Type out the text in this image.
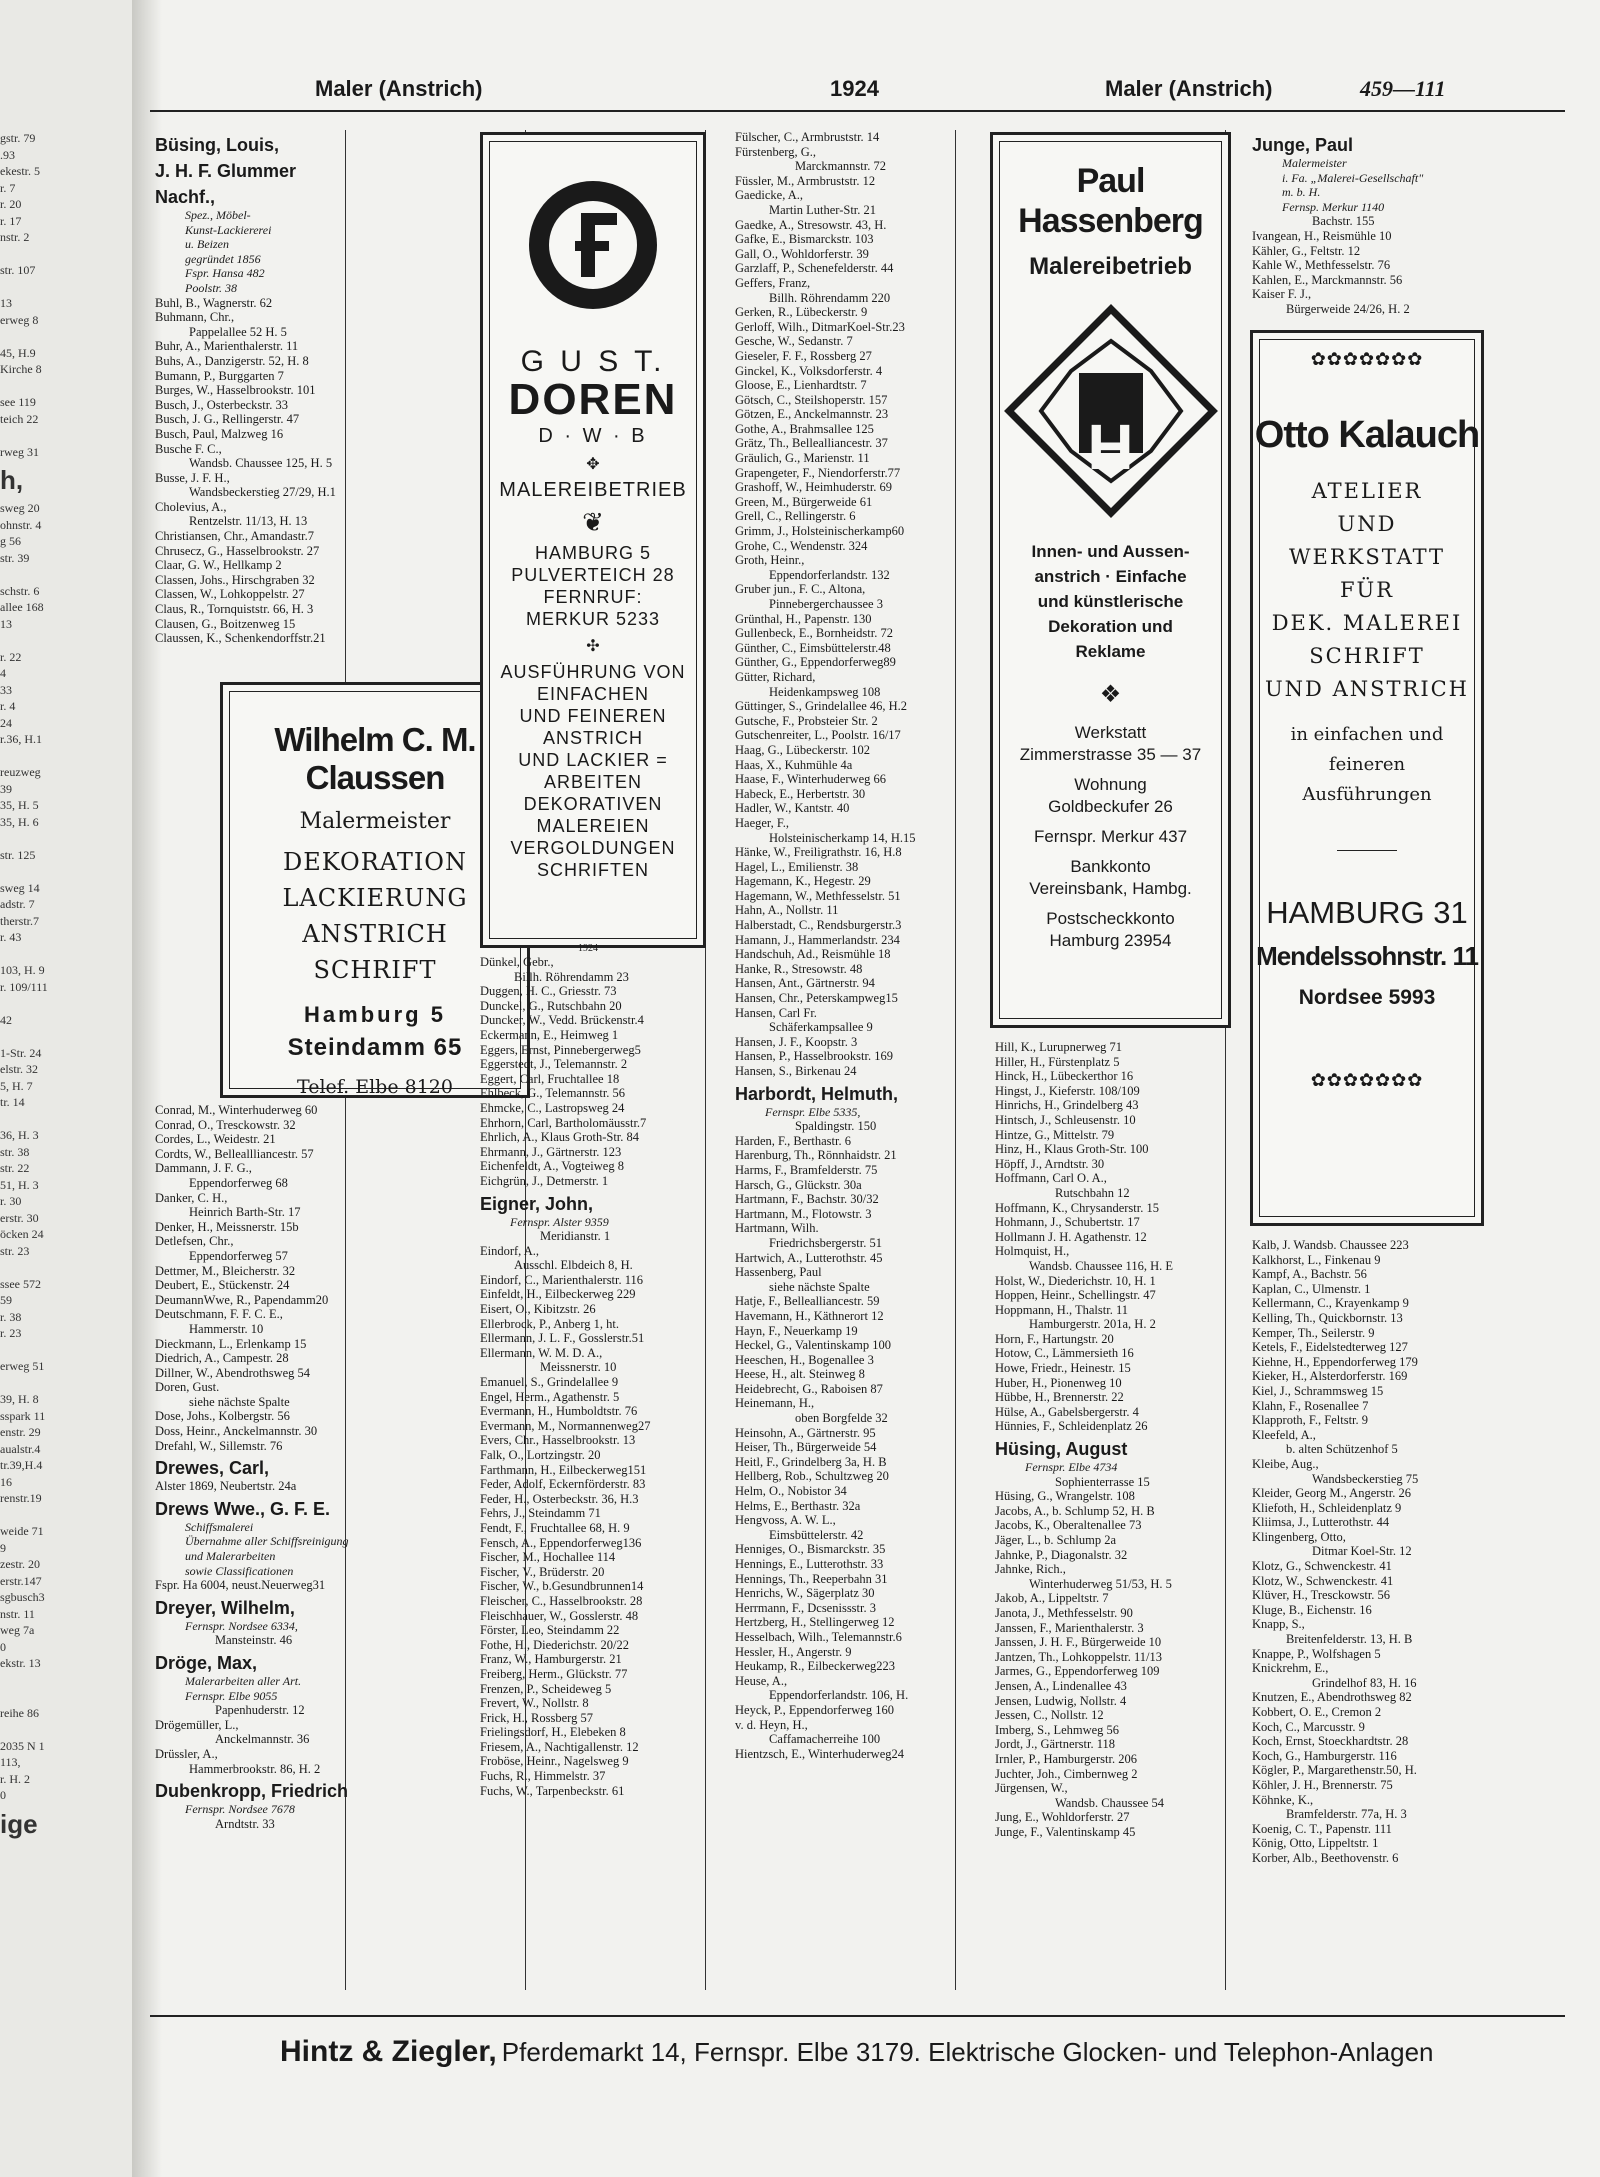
gstr. 79
.93
ekestr. 5
r. 7
r. 20
r. 17
nstr. 2

str. 107

13
erweg 8

45, H.9
Kirche 8

see 119
teich 22

rweg 31
h,
sweg 20
ohnstr. 4
g 56
str. 39

schstr. 6
allee 168
13

r. 22
4
33
r. 4
24
r.36, H.1

reuzweg
39
35, H. 5
35, H. 6

str. 125

sweg 14
adstr. 7
therstr.7
r. 43

103, H. 9
r. 109/111

42

1-Str. 24
elstr. 32
5, H. 7
tr. 14

36, H. 3
str. 38
str. 22
51, H. 3
r. 30
erstr. 30
öcken 24
str. 23

ssee 572
59
r. 38
r. 23

erweg 51

39, H. 8
sspark 11
enstr. 29
aualstr.4
tr.39,H.4
16
renstr.19

weide 71
9
zestr. 20
erstr.147
sgbusch3
nstr. 11
weg 7a
0
ekstr. 13

reihe 86

2035 N 1
113,
r. H. 2
0
ige
Maler (Anstrich)	1924	Maler (Anstrich)	459—111
Büsing, Louis,
J. H. F. Glummer
Nachf.,
Spez., Möbel-
Kunst-Lackiererei
u. Beizen
gegründet 1856
Fspr. Hansa 482
Poolstr. 38
Buhl, B., Wagnerstr. 62
Buhmann, Chr.,
Pappelallee 52 H. 5
Buhr, A., Marienthalerstr. 11
Buhs, A., Danzigerstr. 52, H. 8
Bumann, P., Burggarten 7
Burges, W., Hasselbrookstr. 101
Busch, J., Osterbeckstr. 33
Busch, J. G., Rellingerstr. 47
Busch, Paul, Malzweg 16
Busche F. C.,
Wandsb. Chaussee 125, H. 5
Busse, J. F. H.,
Wandsbeckerstieg 27/29, H.1
Cholevius, A.,
Rentzelstr. 11/13, H. 13
Christiansen, Chr., Amandastr.7
Chrusecz, G., Hasselbrookstr. 27
Claar, G. W., Hellkamp 2
Classen, Johs., Hirschgraben 32
Classen, W., Lohkoppelstr. 27
Claus, R., Tornquiststr. 66, H. 3
Clausen, G., Boitzenweg 15
Claussen, K., Schenkendorffstr.21
Wilhelm C. M. Claussen
Malermeister
DEKORATION
LACKIERUNG
ANSTRICH
SCHRIFT
Hamburg 5
Steindamm 65
Telef. Elbe 8120
Conrad, M., Winterhuderweg 60
Conrad, O., Tresckowstr. 32
Cordes, L., Weidestr. 21
Cordts, W., Belleallliancestr. 57
Dammann, J. F. G.,
Eppendorferweg 68
Danker, C. H.,
Heinrich Barth-Str. 17
Denker, H., Meissnerstr. 15b
Detlefsen, Chr.,
Eppendorferweg 57
Dettmer, M., Bleicherstr. 32
Deubert, E., Stückenstr. 24
DeumannWwe, R., Papendamm20
Deutschmann, F. F. C. E.,
Hammerstr. 10
Dieckmann, L., Erlenkamp 15
Diedrich, A., Campestr. 28
Dillner, W., Abendrothsweg 54
Doren, Gust.
siehe nächste Spalte
Dose, Johs., Kolbergstr. 56
Doss, Heinr., Anckelmannstr. 30
Drefahl, W., Sillemstr. 76
Drewes, Carl,
Alster 1869, Neubertstr. 24a
Drews Wwe., G. F. E.
Schiffsmalerei
Übernahme aller Schiffsreinigung
und Malerarbeiten
sowie Classificationen
Fspr. Ha 6004, neust.Neuerweg31
Dreyer, Wilhelm,
Fernspr. Nordsee 6334,
Mansteinstr. 46
Dröge, Max,
Malerarbeiten aller Art.
Fernspr. Elbe 9055
Papenhuderstr. 12
Drögemüller, L.,
Anckelmannstr. 36
Drüssler, A.,
Hammerbrookstr. 86, H. 2
Dubenkropp, Friedrich
Fernspr. Nordsee 7678
Arndtstr. 33
G U S T.
DOREN
D · W · B
✥
MALEREIBETRIEB
❦
HAMBURG 5
PULVERTEICH 28
FERNRUF:
MERKUR 5233
✣
AUSFÜHRUNG VON
EINFACHEN
UND FEINEREN
ANSTRICH
UND LACKIER =
ARBEITEN
DEKORATIVEN
MALEREIEN
VERGOLDUNGEN
SCHRIFTEN
1924
Dünkel, Gebr.,
Billh. Röhrendamm 23
Duggen, H. C., Griesstr. 73
Dunckel, G., Rutschbahn 20
Duncker, W., Vedd. Brückenstr.4
Eckermann, E., Heimweg 1
Eggers, Ernst, Pinnebergerweg5
Eggerstedt, J., Telemannstr. 2
Eggert, Carl, Fruchtallee 18
Ehlbeck, G., Telemannstr. 56
Ehmcke, C., Lastropsweg 24
Ehrhorn, Carl, Bartholomäusstr.7
Ehrlich, A., Klaus Groth-Str. 84
Ehrmann, J., Gärtnerstr. 123
Eichenfeldt, A., Vogteiweg 8
Eichgrün, J., Detmerstr. 1
Eigner, John,
Fernspr. Alster 9359
Meridianstr. 1
Eindorf, A.,
Ausschl. Elbdeich 8, H.
Eindorf, C., Marienthalerstr. 116
Einfeldt, H., Eilbeckerweg 229
Eisert, O., Kibitzstr. 26
Ellerbrock, P., Anberg 1, ht.
Ellermann, J. L. F., Gosslerstr.51
Ellermann, W. M. D. A.,
Meissnerstr. 10
Emanuel, S., Grindelallee 9
Engel, Herm., Agathenstr. 5
Evermann, H., Humboldtstr. 76
Evermann, M., Normannenweg27
Evers, Chr., Hasselbrookstr. 13
Falk, O., Lortzingstr. 20
Farthmann, H., Eilbeckerweg151
Feder, Adolf, Eckernförderstr. 83
Feder, H., Osterbeckstr. 36, H.3
Fehrs, J., Steindamm 71
Fendt, F., Fruchtallee 68, H. 9
Fensch, A., Eppendorferweg136
Fischer, M., Hochallee 114
Fischer, V., Brüderstr. 20
Fischer, W., b.Gesundbrunnen14
Fleischer, C., Hasselbrookstr. 28
Fleischhauer, W., Gosslerstr. 48
Förster, Leo, Steindamm 22
Fothe, H., Diederichstr. 20/22
Franz, W., Hamburgerstr. 21
Freiberg, Herm., Glückstr. 77
Frenzen, P., Scheideweg 5
Frevert, W., Nollstr. 8
Frick, H., Rossberg 57
Frielingsdorf, H., Elebeken 8
Friesem, A., Nachtigallenstr. 12
Froböse, Heinr., Nagelsweg 9
Fuchs, R., Himmelstr. 37
Fuchs, W., Tarpenbeckstr. 61
Fülscher, C., Armbruststr. 14
Fürstenberg, G.,
Marckmannstr. 72
Füssler, M., Armbruststr. 12
Gaedicke, A.,
Martin Luther-Str. 21
Gaedke, A., Stresowstr. 43, H.
Gafke, E., Bismarckstr. 103
Gall, O., Wohldorferstr. 39
Garzlaff, P., Schenefelderstr. 44
Geffers, Franz,
Billh. Röhrendamm 220
Gerken, R., Lübeckerstr. 9
Gerloff, Wilh., DitmarKoel-Str.23
Gesche, W., Sedanstr. 7
Gieseler, F. F., Rossberg 27
Ginckel, K., Volksdorferstr. 4
Gloose, E., Lienhardtstr. 7
Götsch, C., Steilshoperstr. 157
Götzen, E., Anckelmannstr. 23
Gothe, A., Brahmsallee 125
Grätz, Th., Bellealliancestr. 37
Gräulich, G., Marienstr. 11
Grapengeter, F., Niendorferstr.77
Grashoff, W., Heimhuderstr. 69
Green, M., Bürgerweide 61
Grell, C., Rellingerstr. 6
Grimm, J., Holsteinischerkamp60
Grohe, C., Wendenstr. 324
Groth, Heinr.,
Eppendorferlandstr. 132
Gruber jun., F. C., Altona,
Pinnebergerchaussee 3
Grünthal, H., Papenstr. 130
Gullenbeck, E., Bornheidstr. 72
Günther, C., Eimsbüttelerstr.48
Günther, G., Eppendorferweg89
Gütter, Richard,
Heidenkampsweg 108
Güttinger, S., Grindelallee 46, H.2
Gutsche, F., Probsteier Str. 2
Gutschenreiter, L., Poolstr. 16/17
Haag, G., Lübeckerstr. 102
Haas, X., Kuhmühle 4a
Haase, F., Winterhuderweg 66
Habeck, E., Herbertstr. 30
Hadler, W., Kantstr. 40
Haeger, F.,
Holsteinischerkamp 14, H.15
Hänke, W., Freiligrathstr. 16, H.8
Hagel, L., Emilienstr. 38
Hagemann, K., Hegestr. 29
Hagemann, W., Methfesselstr. 51
Hahn, A., Nollstr. 11
Halberstadt, C., Rendsburgerstr.3
Hamann, J., Hammerlandstr. 234
Handschuh, Ad., Reismühle 18
Hanke, R., Stresowstr. 48
Hansen, Ant., Gärtnerstr. 94
Hansen, Chr., Peterskampweg15
Hansen, Carl Fr.
Schäferkampsallee 9
Hansen, J. F., Koopstr. 3
Hansen, P., Hasselbrookstr. 169
Hansen, S., Birkenau 24
Harbordt, Helmuth,
Fernspr. Elbe 5335,
Spaldingstr. 150
Harden, F., Berthastr. 6
Harenburg, Th., Rönnhaidstr. 21
Harms, F., Bramfelderstr. 75
Harsch, G., Glückstr. 30a
Hartmann, F., Bachstr. 30/32
Hartmann, M., Flotowstr. 3
Hartmann, Wilh.
Friedrichsbergerstr. 51
Hartwich, A., Lutterothstr. 45
Hassenberg, Paul
siehe nächste Spalte
Hatje, F., Bellealliancestr. 59
Havemann, H., Käthnerort 12
Hayn, F., Neuerkamp 19
Heckel, G., Valentinskamp 100
Heeschen, H., Bogenallee 3
Heese, H., alt. Steinweg 8
Heidebrecht, G., Raboisen 87
Heinemann, H.,
oben Borgfelde 32
Heinsohn, A., Gärtnerstr. 95
Heiser, Th., Bürgerweide 54
Heitl, F., Grindelberg 3a, H. B
Hellberg, Rob., Schultzweg 20
Helm, O., Nobistor 34
Helms, E., Berthastr. 32a
Hengvoss, A. W. L.,
Eimsbüttelerstr. 42
Henniges, O., Bismarckstr. 35
Hennings, E., Lutterothstr. 33
Hennings, Th., Reeperbahn 31
Henrichs, W., Sägerplatz 30
Herrmann, F., Dcsenissstr. 3
Hertzberg, H., Stellingerweg 12
Hesselbach, Wilh., Telemannstr.6
Hessler, H., Angerstr. 9
Heukamp, R., Eilbeckerweg223
Heuse, A.,
Eppendorferlandstr. 106, H.
Heyck, P., Eppendorferweg 160
v. d. Heyn, H.,
Caffamacherreihe 100
Hientzsch, E., Winterhuderweg24
Paul Hassenberg
Malereibetrieb
H
Innen- und Aussen-
anstrich · Einfache
und künstlerische
Dekoration und
Reklame
❖
Werkstatt
Zimmerstrasse 35 — 37
Wohnung
Goldbeckufer 26
Fernspr. Merkur 437
Bankkonto
Vereinsbank, Hambg.
Postscheckkonto
Hamburg 23954
Hill, K., Lurupnerweg 71
Hiller, H., Fürstenplatz 5
Hinck, H., Lübeckerthor 16
Hingst, J., Kieferstr. 108/109
Hinrichs, H., Grindelberg 43
Hintsch, J., Schleusenstr. 10
Hintze, G., Mittelstr. 79
Hinz, H., Klaus Groth-Str. 100
Höpff, J., Arndtstr. 30
Hoffmann, Carl O. A.,
Rutschbahn 12
Hoffmann, K., Chrysanderstr. 15
Hohmann, J., Schubertstr. 17
Hollmann J. H. Agathenstr. 12
Holmquist, H.,
Wandsb. Chaussee 116, H. E
Holst, W., Diederichstr. 10, H. 1
Hoppen, Heinr., Schellingstr. 47
Hoppmann, H., Thalstr. 11
Hamburgerstr. 201a, H. 2
Horn, F., Hartungstr. 20
Hotow, C., Lämmersieth 16
Howe, Friedr., Heinestr. 15
Huber, H., Pionenweg 10
Hübbe, H., Brennerstr. 22
Hülse, A., Gabelsbergerstr. 4
Hünnies, F., Schleidenplatz 26
Hüsing, August
Fernspr. Elbe 4734
Sophienterrasse 15
Hüsing, G., Wrangelstr. 108
Jacobs, A., b. Schlump 52, H. B
Jacobs, K., Oberaltenallee 73
Jäger, L., b. Schlump 2a
Jahnke, P., Diagonalstr. 32
Jahnke, Rich.,
Winterhuderweg 51/53, H. 5
Jakob, A., Lippeltstr. 7
Janota, J., Methfesselstr. 90
Janssen, F., Marienthalerstr. 3
Janssen, J. H. F., Bürgerweide 10
Jantzen, Th., Lohkoppelstr. 11/13
Jarmes, G., Eppendorferweg 109
Jensen, A., Lindenallee 43
Jensen, Ludwig, Nollstr. 4
Jessen, C., Nollstr. 12
Imberg, S., Lehmweg 56
Jordt, J., Gärtnerstr. 118
Irnler, P., Hamburgerstr. 206
Juchter, Joh., Cimbernweg 2
Jürgensen, W.,
Wandsb. Chaussee 54
Jung, E., Wohldorferstr. 27
Junge, F., Valentinskamp 45
Junge, Paul
Malermeister
i. Fa. „Malerei-Gesellschaft"
m. b. H.
Fernsp. Merkur 1140
Bachstr. 155
Ivangean, H., Reismühle 10
Kähler, G., Feltstr. 12
Kahle W., Methfesselstr. 76
Kahlen, E., Marckmannstr. 56
Kaiser F. J.,
Bürgerweide 24/26, H. 2
✿✿✿✿✿✿✿
Otto Kalauch
ATELIER
UND
WERKSTATT
FÜR
DEK. MALEREI
SCHRIFT
UND ANSTRICH
in einfachen und
feineren
Ausführungen
HAMBURG 31
Mendelssohnstr. 11
Nordsee 5993
✿✿✿✿✿✿✿
Kalb, J. Wandsb. Chaussee 223
Kalkhorst, L., Finkenau 9
Kampf, A., Bachstr. 56
Kaplan, C., Ulmenstr. 1
Kellermann, C., Krayenkamp 9
Kelling, Th., Quickbornstr. 13
Kemper, Th., Seilerstr. 9
Ketels, F., Eidelstedterweg 127
Kiehne, H., Eppendorferweg 179
Kieker, H., Alsterdorferstr. 169
Kiel, J., Schrammsweg 15
Klahn, F., Rosenallee 7
Klapproth, F., Feltstr. 9
Kleefeld, A.,
b. alten Schützenhof 5
Kleibe, Aug.,
Wandsbeckerstieg 75
Kleider, Georg M., Angerstr. 26
Kliefoth, H., Schleidenplatz 9
Kliimsa, J., Lutterothstr. 44
Klingenberg, Otto,
Ditmar Koel-Str. 12
Klotz, G., Schwenckestr. 41
Klotz, W., Schwenckestr. 41
Klüver, H., Tresckowstr. 56
Kluge, B., Eichenstr. 16
Knapp, S.,
Breitenfelderstr. 13, H. B
Knappe, P., Wolfshagen 5
Knickrehm, E.,
Grindelhof 83, H. 16
Knutzen, E., Abendrothsweg 82
Kobbert, O. E., Cremon 2
Koch, C., Marcusstr. 9
Koch, Ernst, Stoeckhardtstr. 28
Koch, G., Hamburgerstr. 116
Kögler, P., Margarethenstr.50, H.
Köhler, J. H., Brennerstr. 75
Köhnke, K.,
Bramfelderstr. 77a, H. 3
Koenig, C. T., Papenstr. 111
König, Otto, Lippeltstr. 1
Korber, Alb., Beethovenstr. 6
Hintz & Ziegler, Pferdemarkt 14, Fernspr. Elbe 3179. Elektrische Glocken- und Telephon-Anlagen
